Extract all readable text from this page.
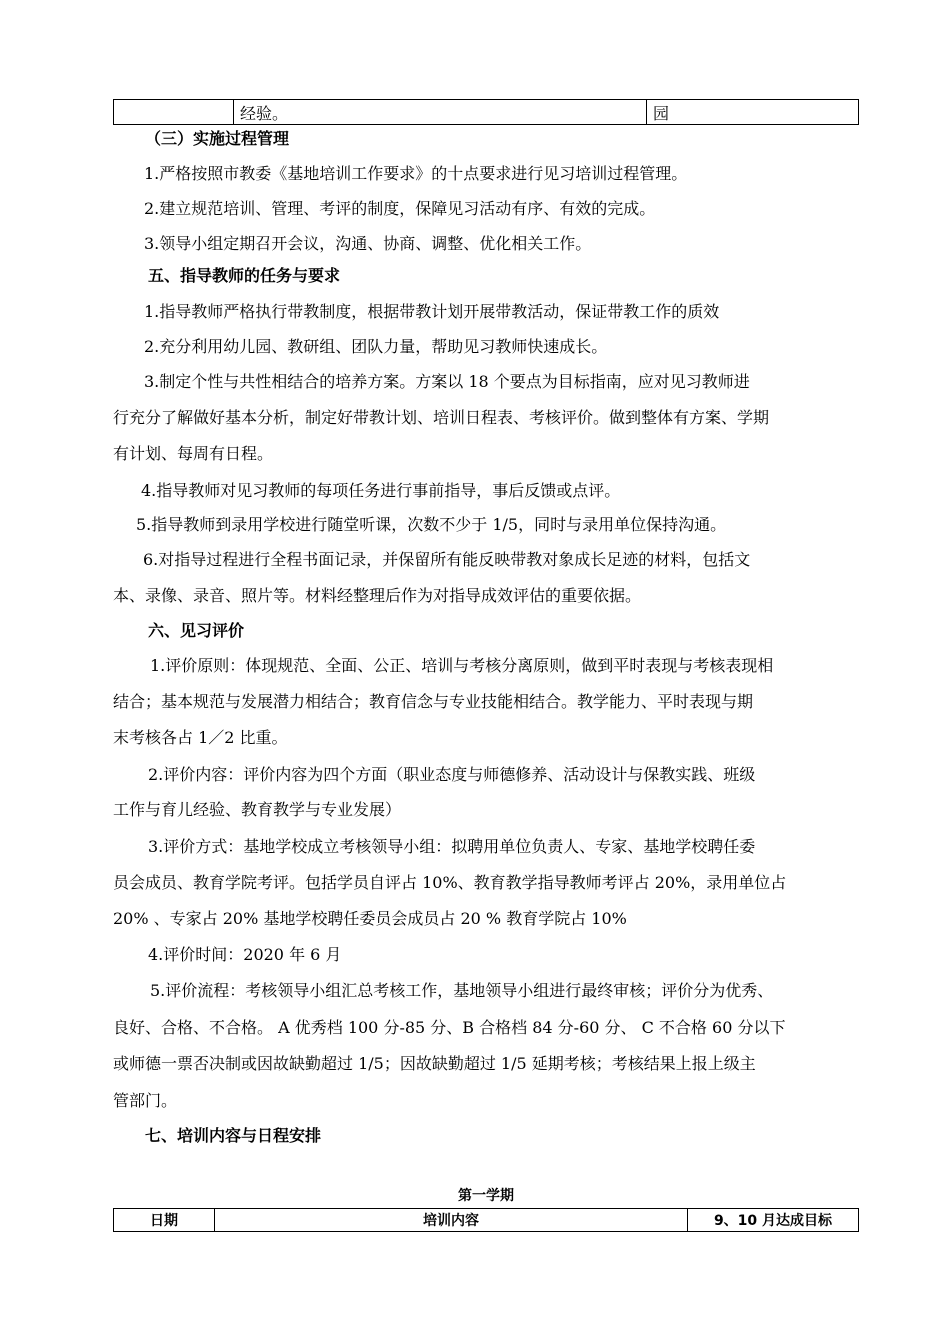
	经验。	园
（三）实施过程管理
1.严格按照市教委《基地培训工作要求》的十点要求进行见习培训过程管理。
2.建立规范培训、管理、考评的制度，保障见习活动有序、有效的完成。
3.领导小组定期召开会议，沟通、协商、调整、优化相关工作。
五、指导教师的任务与要求
1.指导教师严格执行带教制度，根据带教计划开展带教活动，保证带教工作的质效
2.充分利用幼儿园、教研组、团队力量，帮助见习教师快速成长。
3.制定个性与共性相结合的培养方案。方案以 18 个要点为目标指南，应对见习教师进
行充分了解做好基本分析，制定好带教计划、培训日程表、考核评价。做到整体有方案、学期
有计划、每周有日程。
4.指导教师对见习教师的每项任务进行事前指导，事后反馈或点评。
5.指导教师到录用学校进行随堂听课，次数不少于 1/5，同时与录用单位保持沟通。
6.对指导过程进行全程书面记录，并保留所有能反映带教对象成长足迹的材料，包括文
本、录像、录音、照片等。材料经整理后作为对指导成效评估的重要依据。
六、见习评价
1.评价原则：体现规范、全面、公正、培训与考核分离原则，做到平时表现与考核表现相
结合；基本规范与发展潜力相结合；教育信念与专业技能相结合。教学能力、平时表现与期
末考核各占 1／2 比重。
2.评价内容：评价内容为四个方面（职业态度与师德修养、活动设计与保教实践、班级
工作与育儿经验、教育教学与专业发展）
3.评价方式：基地学校成立考核领导小组：拟聘用单位负责人、专家、基地学校聘任委
员会成员、教育学院考评。包括学员自评占 10%、教育教学指导教师考评占 20%，录用单位占
20% 、专家占 20% 基地学校聘任委员会成员占 20 % 教育学院占 10%
4.评价时间：2020 年 6 月
5.评价流程：考核领导小组汇总考核工作，基地领导小组进行最终审核；评价分为优秀、
良好、合格、不合格。 A 优秀档 100 分-85 分、B 合格档 84 分-60 分、 C 不合格 60 分以下
或师德一票否决制或因故缺勤超过 1/5；因故缺勤超过 1/5 延期考核；考核结果上报上级主
管部门。
七、培训内容与日程安排
第一学期
日期	培训内容	9、10 月达成目标
